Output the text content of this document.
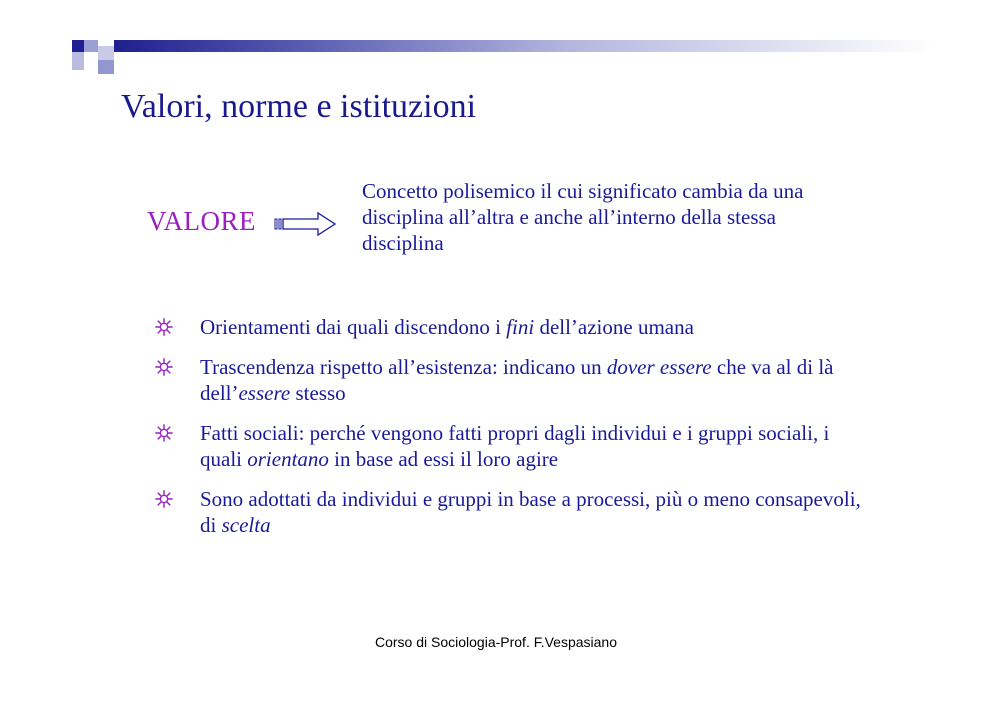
Valori, norme e istituzioni
VALORE
Concetto polisemico il cui significato cambia da una disciplina all’altra e anche all’interno della stessa disciplina
Orientamenti dai quali discendono i fini dell’azione umana
Trascendenza rispetto all’esistenza: indicano un dover essere che va al di là dell’essere stesso
Fatti sociali: perché vengono fatti propri dagli individui e i gruppi sociali, i quali orientano in base ad essi il loro agire
Sono adottati da individui e gruppi in base a processi, più o meno consapevoli, di scelta
Corso di Sociologia-Prof. F.Vespasiano
